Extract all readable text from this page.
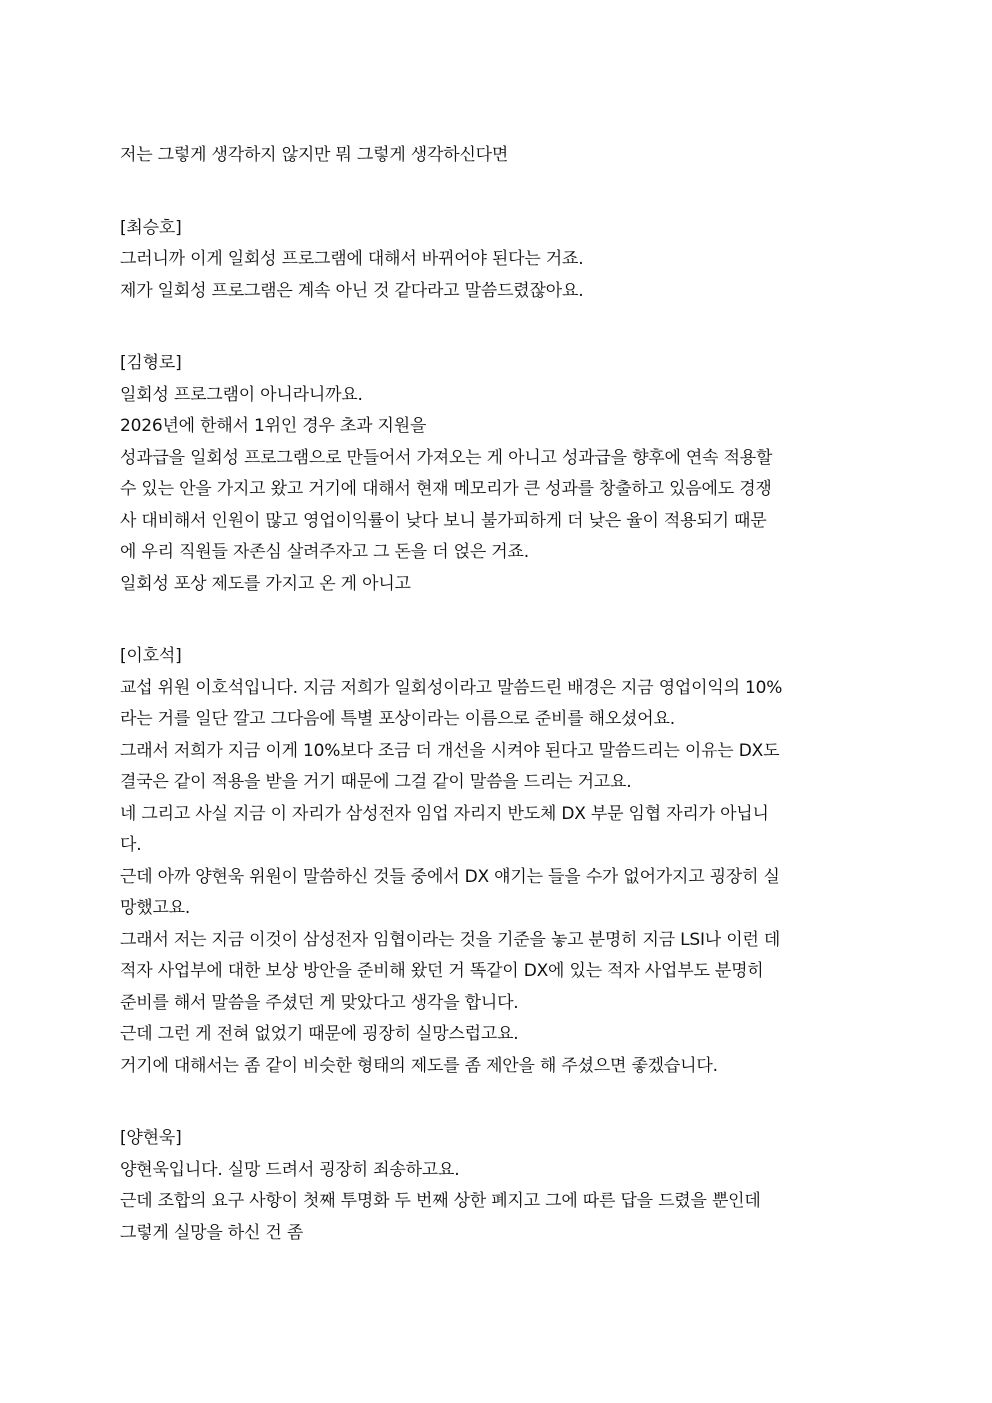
저는 그렇게 생각하지 않지만 뭐 그렇게 생각하신다면
[최승호]
그러니까 이게 일회성 프로그램에 대해서 바뀌어야 된다는 거죠.
제가 일회성 프로그램은 계속 아닌 것 같다라고 말씀드렸잖아요.
[김형로]
일회성 프로그램이 아니라니까요.
2026년에 한해서 1위인 경우 초과 지원을
성과급을 일회성 프로그램으로 만들어서 가져오는 게 아니고 성과급을 향후에 연속 적용할
수 있는 안을 가지고 왔고 거기에 대해서 현재 메모리가 큰 성과를 창출하고 있음에도 경쟁
사 대비해서 인원이 많고 영업이익률이 낮다 보니 불가피하게 더 낮은 율이 적용되기 때문
에 우리 직원들 자존심 살려주자고 그 돈을 더 얹은 거죠.
일회성 포상 제도를 가지고 온 게 아니고
[이호석]
교섭 위원 이호석입니다. 지금 저희가 일회성이라고 말씀드린 배경은 지금 영업이익의 10%
라는 거를 일단 깔고 그다음에 특별 포상이라는 이름으로 준비를 해오셨어요.
그래서 저희가 지금 이게 10%보다 조금 더 개선을 시켜야 된다고 말씀드리는 이유는 DX도
결국은 같이 적용을 받을 거기 때문에 그걸 같이 말씀을 드리는 거고요.
네 그리고 사실 지금 이 자리가 삼성전자 임업 자리지 반도체 DX 부문 임협 자리가 아닙니
다.
근데 아까 양현욱 위원이 말씀하신 것들 중에서 DX 얘기는 들을 수가 없어가지고 굉장히 실
망했고요.
그래서 저는 지금 이것이 삼성전자 임협이라는 것을 기준을 놓고 분명히 지금 LSI나 이런 데
적자 사업부에 대한 보상 방안을 준비해 왔던 거 똑같이 DX에 있는 적자 사업부도 분명히
준비를 해서 말씀을 주셨던 게 맞았다고 생각을 합니다.
근데 그런 게 전혀 없었기 때문에 굉장히 실망스럽고요.
거기에 대해서는 좀 같이 비슷한 형태의 제도를 좀 제안을 해 주셨으면 좋겠습니다.
[양현욱]
양현욱입니다. 실망 드려서 굉장히 죄송하고요.
근데 조합의 요구 사항이 첫째 투명화 두 번째 상한 폐지고 그에 따른 답을 드렸을 뿐인데
그렇게 실망을 하신 건 좀
